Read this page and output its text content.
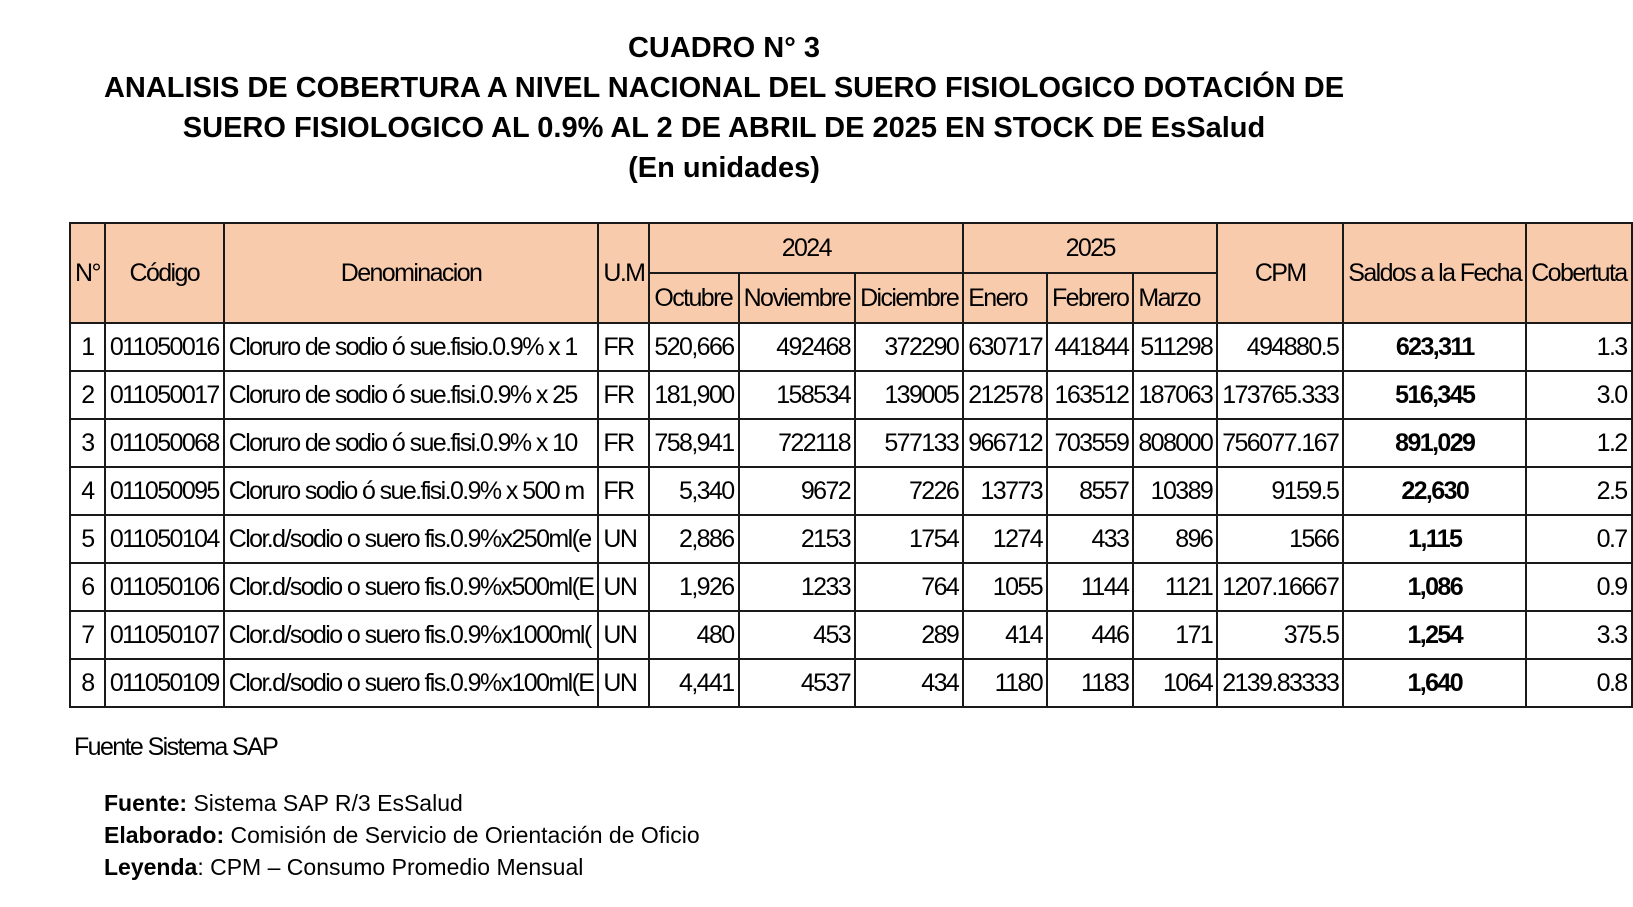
CUADRO N° 3
ANALISIS DE COBERTURA A NIVEL NACIONAL DEL SUERO FISIOLOGICO DOTACIÓN DE
SUERO FISIOLOGICO AL 0.9% AL 2 DE ABRIL DE 2025 EN STOCK DE EsSalud
(En unidades)
N°	Código	Denominacion	U.M	2024			2025			CPM	Saldos a la Fecha	Cobertuta
				Octubre	Noviembre	Diciembre	Enero	Febrero	Marzo			
1	011050016	Cloruro de sodio ó sue.fisio.0.9% x 1	FR	520,666	492468	372290	630717	441844	511298	494880.5	623,311	1.3
2	011050017	Cloruro de sodio ó sue.fisi.0.9% x 25	FR	181,900	158534	139005	212578	163512	187063	173765.333	516,345	3.0
3	011050068	Cloruro de sodio ó sue.fisi.0.9% x 10	FR	758,941	722118	577133	966712	703559	808000	756077.167	891,029	1.2
4	011050095	Cloruro sodio ó sue.fisi.0.9% x 500 m	FR	5,340	9672	7226	13773	8557	10389	9159.5	22,630	2.5
5	011050104	Clor.d/sodio o suero fis.0.9%x250ml(e	UN	2,886	2153	1754	1274	433	896	1566	1,115	0.7
6	011050106	Clor.d/sodio o suero fis.0.9%x500ml(E	UN	1,926	1233	764	1055	1144	1121	1207.16667	1,086	0.9
7	011050107	Clor.d/sodio o suero fis.0.9%x1000ml(	UN	480	453	289	414	446	171	375.5	1,254	3.3
8	011050109	Clor.d/sodio o suero fis.0.9%x100ml(E	UN	4,441	4537	434	1180	1183	1064	2139.83333	1,640	0.8
Fuente Sistema SAP
Fuente: Sistema SAP R/3 EsSalud
Elaborado: Comisión de Servicio de Orientación de Oficio
Leyenda: CPM – Consumo Promedio Mensual
